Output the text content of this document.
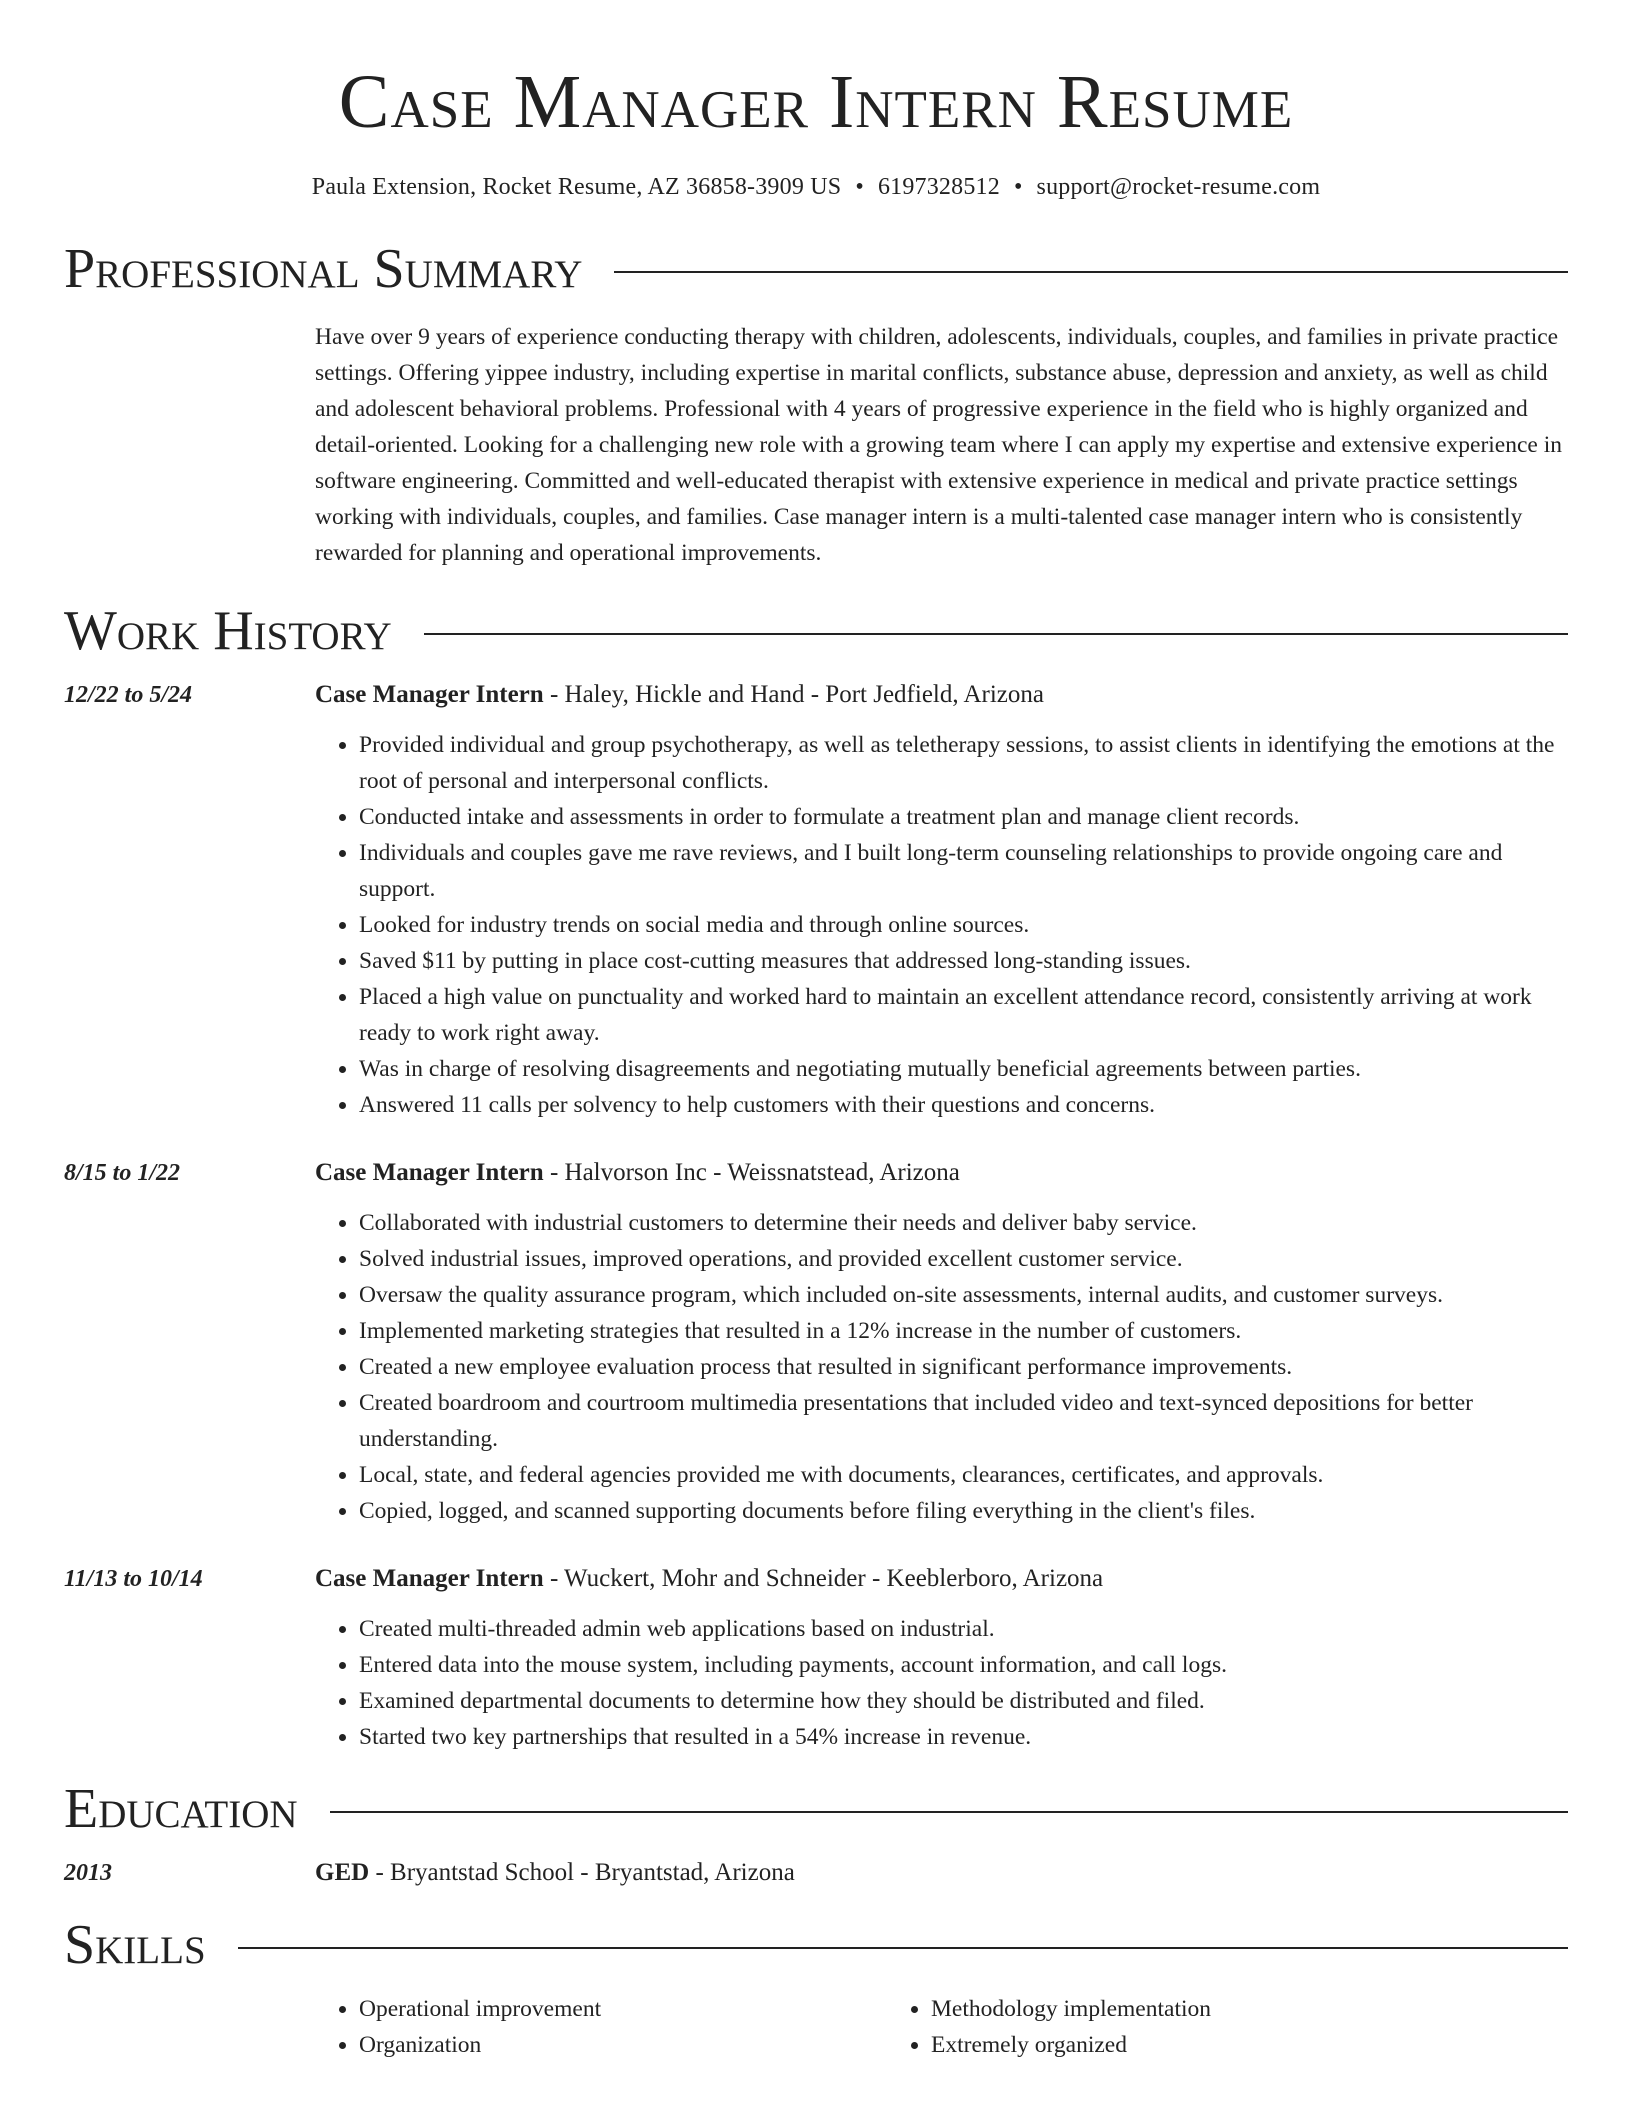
Case Manager Intern Resume
Paula Extension, Rocket Resume, AZ 36858-3909 US • 6197328512 • support@rocket-resume.com
Professional Summary

Have over 9 years of experience conducting therapy with children, adolescents, individuals, couples, and families in private practice settings. Offering yippee industry, including expertise in marital conflicts, substance abuse, depression and anxiety, as well as child and adolescent behavioral problems. Professional with 4 years of progressive experience in the field who is highly organized and detail-oriented. Looking for a challenging new role with a growing team where I can apply my expertise and extensive experience in software engineering. Committed and well-educated therapist with extensive experience in medical and private practice settings working with individuals, couples, and families. Case manager intern is a multi-talented case manager intern who is consistently rewarded for planning and operational improvements.

Work History
12/22 to 5/24	Case Manager Intern - Haley, Hickle and Hand - Port Jedfield, Arizona
• Provided individual and group psychotherapy, as well as teletherapy sessions, to assist clients in identifying the emotions at the root of personal and interpersonal conflicts.
• Conducted intake and assessments in order to formulate a treatment plan and manage client records.
• Individuals and couples gave me rave reviews, and I built long-term counseling relationships to provide ongoing care and support.
• Looked for industry trends on social media and through online sources.
• Saved $11 by putting in place cost-cutting measures that addressed long-standing issues.
• Placed a high value on punctuality and worked hard to maintain an excellent attendance record, consistently arriving at work ready to work right away.
• Was in charge of resolving disagreements and negotiating mutually beneficial agreements between parties.
• Answered 11 calls per solvency to help customers with their questions and concerns.
8/15 to 1/22	Case Manager Intern - Halvorson Inc - Weissnatstead, Arizona
• Collaborated with industrial customers to determine their needs and deliver baby service.
• Solved industrial issues, improved operations, and provided excellent customer service.
• Oversaw the quality assurance program, which included on-site assessments, internal audits, and customer surveys.
• Implemented marketing strategies that resulted in a 12% increase in the number of customers.
• Created a new employee evaluation process that resulted in significant performance improvements.
• Created boardroom and courtroom multimedia presentations that included video and text-synced depositions for better understanding.
• Local, state, and federal agencies provided me with documents, clearances, certificates, and approvals.
• Copied, logged, and scanned supporting documents before filing everything in the client's files.
11/13 to 10/14	Case Manager Intern - Wuckert, Mohr and Schneider - Keeblerboro, Arizona
• Created multi-threaded admin web applications based on industrial.
• Entered data into the mouse system, including payments, account information, and call logs.
• Examined departmental documents to determine how they should be distributed and filed.
• Started two key partnerships that resulted in a 54% increase in revenue.
Education
2013	GED - Bryantstad School - Bryantstad, Arizona
Skills
• Operational improvement
• Organization
• Methodology implementation
• Extremely organized
